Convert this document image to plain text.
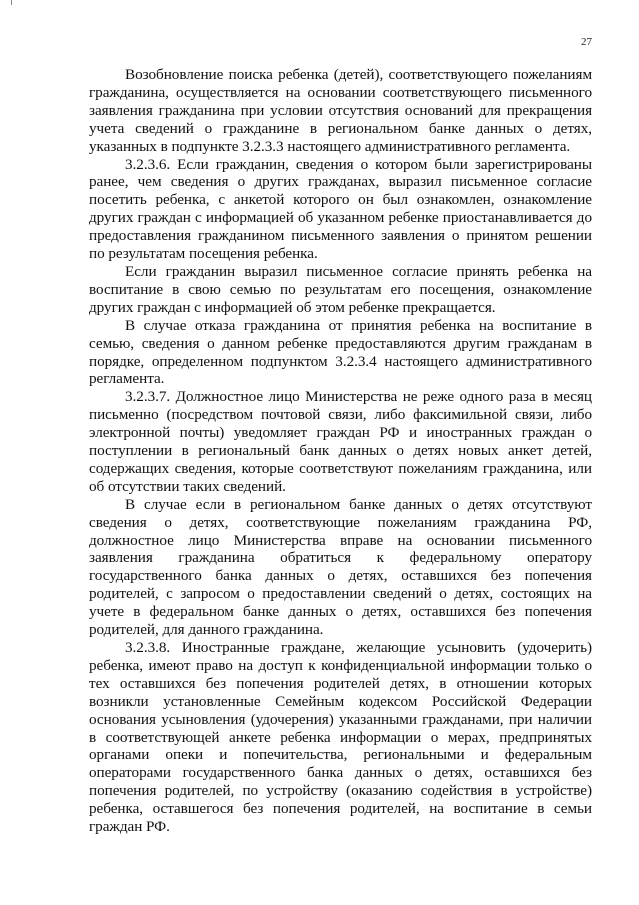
27

Возобновление поиска ребенка (детей), соответствующего пожеланиям гражданина, осуществляется на основании соответствующего письменного заявления гражданина при условии отсутствия оснований для прекращения учета сведений о гражданине в региональном банке данных о детях, указанных в подпункте 3.2.3.3 настоящего административного регламента.

3.2.3.6. Если гражданин, сведения о котором были зарегистрированы ранее, чем сведения о других гражданах, выразил письменное согласие посетить ребенка, с анкетой которого он был ознакомлен, ознакомление других граждан с информацией об указанном ребенке приостанавливается до предоставления гражданином письменного заявления о принятом решении по результатам посещения ребенка.

Если гражданин выразил письменное согласие принять ребенка на воспитание в свою семью по результатам его посещения, ознакомление других граждан с информацией об этом ребенке прекращается.

В случае отказа гражданина от принятия ребенка на воспитание в семью, сведения о данном ребенке предоставляются другим гражданам в порядке, определенном подпунктом 3.2.3.4 настоящего административного регламента.

3.2.3.7. Должностное лицо Министерства не реже одного раза в месяц письменно (посредством почтовой связи, либо факсимильной связи, либо электронной почты) уведомляет граждан РФ и иностранных граждан о поступлении в региональный банк данных о детях новых анкет детей, содержащих сведения, которые соответствуют пожеланиям гражданина, или об отсутствии таких сведений.

В случае если в региональном банке данных о детях отсутствуют сведения о детях, соответствующие пожеланиям гражданина РФ, должностное лицо Министерства вправе на основании письменного заявления гражданина обратиться к федеральному оператору государственного банка данных о детях, оставшихся без попечения родителей, с запросом о предоставлении сведений о детях, состоящих на учете в федеральном банке данных о детях, оставшихся без попечения родителей, для данного гражданина.

3.2.3.8. Иностранные граждане, желающие усыновить (удочерить) ребенка, имеют право на доступ к конфиденциальной информации только о тех оставшихся без попечения родителей детях, в отношении которых возникли установленные Семейным кодексом Российской Федерации основания усыновления (удочерения) указанными гражданами, при наличии в соответствующей анкете ребенка информации о мерах, предпринятых органами опеки и попечительства, региональными и федеральным операторами государственного банка данных о детях, оставшихся без попечения родителей, по устройству (оказанию содействия в устройстве) ребенка, оставшегося без попечения родителей, на воспитание в семьи граждан РФ.
